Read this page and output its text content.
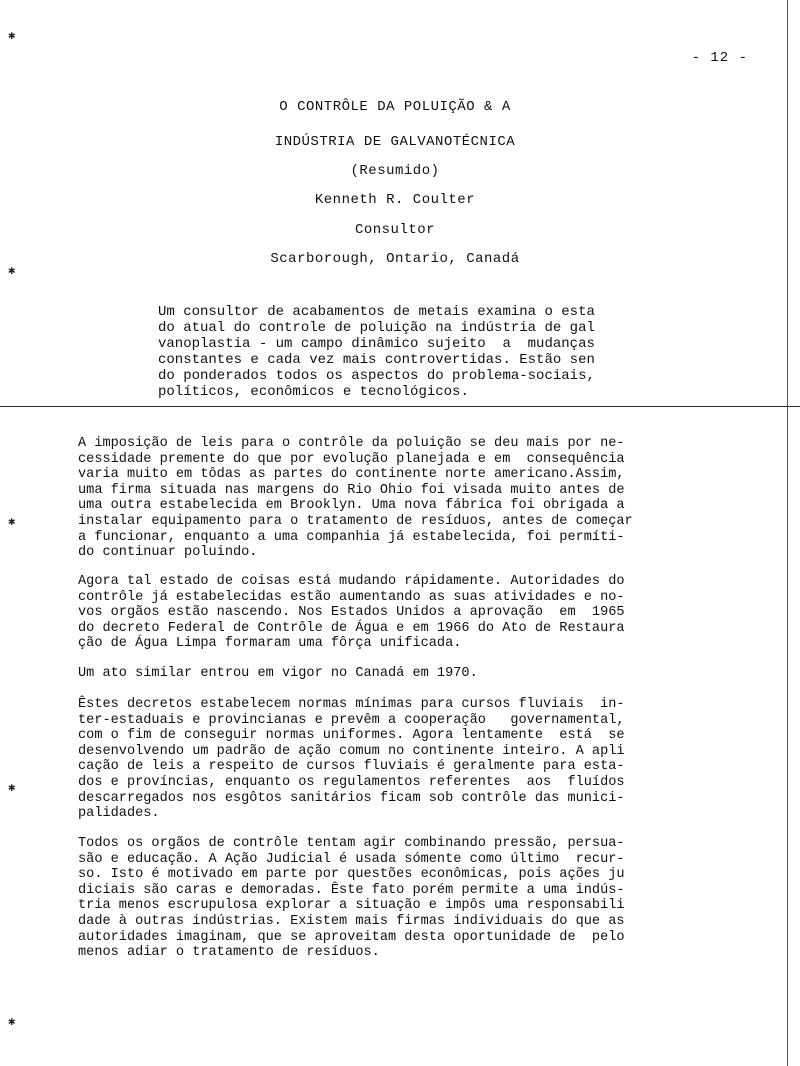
- 12 -
O CONTRÔLE DA POLUIÇÃO & A
INDÚSTRIA DE GALVANOTÉCNICA
(Resumido)
Kenneth R. Coulter
Consultor
Scarborough, Ontario, Canadá
Um consultor de acabamentos de metais examina o esta
do atual do controle de poluição na indústria de gal
vanoplastia - um campo dinâmico sujeito  a  mudanças
constantes e cada vez mais controvertidas. Estão sen
do ponderados todos os aspectos do problema-sociais,
políticos, econômicos e tecnológicos.
A imposição de leis para o contrôle da poluição se deu mais por ne-
cessidade premente do que por evolução planejada e em  consequência
varia muito em tôdas as partes do continente norte americano.Assim,
uma firma situada nas margens do Rio Ohio foi visada muito antes de
uma outra estabelecida em Brooklyn. Uma nova fábrica foi obrigada a
instalar equipamento para o tratamento de resíduos, antes de começar
a funcionar, enquanto a uma companhia já estabelecida, foi permíti-
do continuar poluindo.
Agora tal estado de coisas está mudando rápidamente. Autoridades do
contrôle já estabelecidas estão aumentando as suas atividades e no-
vos orgãos estão nascendo. Nos Estados Unidos a aprovação  em  1965
do decreto Federal de Contrôle de Água e em 1966 do Ato de Restaura
ção de Água Limpa formaram uma fôrça unificada.
Um ato similar entrou em vigor no Canadá em 1970.
Êstes decretos estabelecem normas mínimas para cursos fluviais  in-
ter-estaduais e provincianas e prevêm a cooperação   governamental,
com o fim de conseguir normas uniformes. Agora lentamente  está  se
desenvolvendo um padrão de ação comum no continente inteiro. A apli
cação de leis a respeito de cursos fluviais é geralmente para esta-
dos e províncias, enquanto os regulamentos referentes  aos  fluídos
descarregados nos esgôtos sanitários ficam sob contrôle das munici-
palidades.
Todos os orgãos de contrôle tentam agir combinando pressão, persua-
são e educação. A Ação Judicial é usada sómente como último  recur-
so. Isto é motivado em parte por questões econômicas, pois ações ju
diciais são caras e demoradas. Êste fato porém permite a uma indús-
tria menos escrupulosa explorar a situação e impôs uma responsabili
dade à outras indústrias. Existem mais firmas individuais do que as
autoridades imaginam, que se aproveitam desta oportunidade de  pelo
menos adiar o tratamento de resíduos.
✱
✱
✱
✱
✱
